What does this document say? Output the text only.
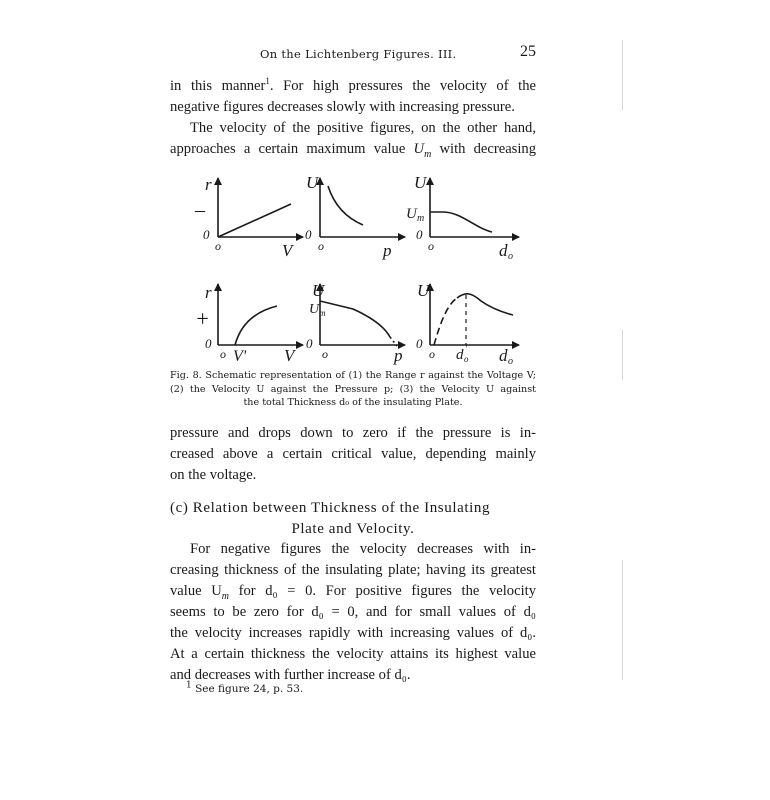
On the Lichtenberg Figures. III.	25
in this manner$^1$. For high pressures the velocity of the
negative figures decreases slowly with increasing pressure.
The velocity of the positive figures, on the other hand,
approaches a certain maximum value $U_m$ with decreasing
–
r
0
o	V
U
0
o	p
U
U m
0
o	d o
+
r
0
o V' V
U
U m
0
o	p
U
0
o d o
' d o
Fig. 8. Schematic representation of (1) the Range r against the Voltage V;
(2) the Velocity U against the Pressure p; (3) the Velocity U against
the total Thickness d₀ of the insulating Plate.
pressure and drops down to zero if the pressure is in-
creased above a certain critical value, depending mainly
on the voltage.
(c) Relation between Thickness of the Insulating
Plate and Velocity.
For negative figures the velocity decreases with in-
creasing thickness of the insulating plate; having its greatest
value $U_m$ for d₀ = 0. For positive figures the velocity
seems to be zero for d₀ = 0, and for small values of d₀
the velocity increases rapidly with increasing values of d₀.
At a certain thickness the velocity attains its highest value
and decreases with further increase of d₀.
$^1$ See figure 24, p. 53.
